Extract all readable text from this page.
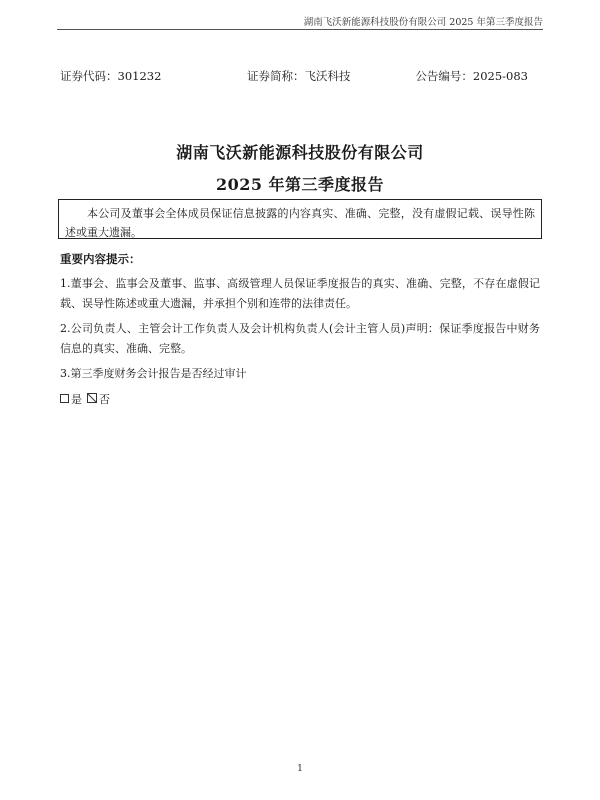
湖南飞沃新能源科技股份有限公司 2025 年第三季度报告
证券代码：301232	证券简称：飞沃科技	公告编号：2025-083
湖南飞沃新能源科技股份有限公司
2025 年第三季度报告
本公司及董事会全体成员保证信息披露的内容真实、准确、完整，没有虚假记载、误导性陈述或重大遗漏。
重要内容提示：
1.董事会、监事会及董事、监事、高级管理人员保证季度报告的真实、准确、完整，不存在虚假记载、误导性陈述或重大遗漏，并承担个别和连带的法律责任。
2.公司负责人、主管会计工作负责人及会计机构负责人(会计主管人员)声明：保证季度报告中财务信息的真实、准确、完整。
3.第三季度财务会计报告是否经过审计
是 否
1
